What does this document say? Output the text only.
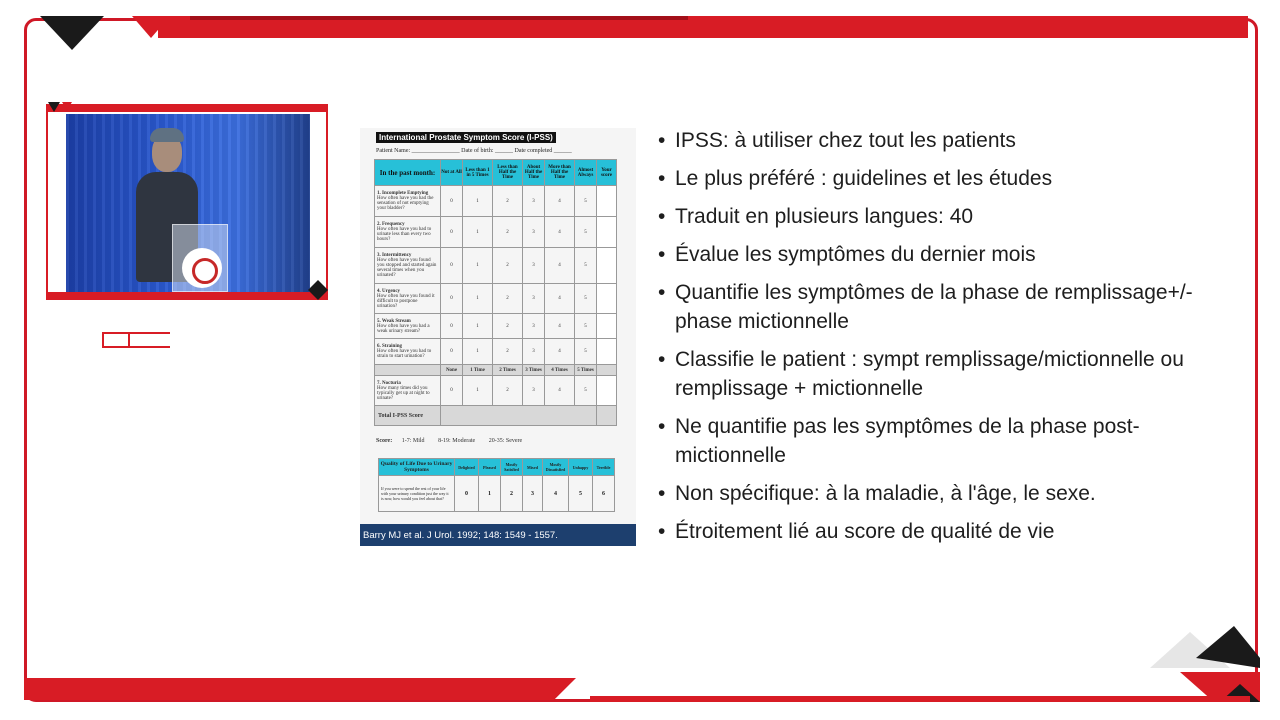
International Prostate Symptom Score (I-PSS)
Patient Name: ________________ Date of birth: ______ Date completed ______
In the past month:	Not at All	Less than 1 in 5 Times	Less than Half the Time	About Half the Time	More than Half the Time	Almost Always	Your score

1. Incomplete Emptying
How often have you had the sensation of not emptying your bladder?	0	1	2	3	4	5	

2. Frequency
How often have you had to urinate less than every two hours?	0	1	2	3	4	5	

3. Intermittency
How often have you found you stopped and started again several times when you urinated?	0	1	2	3	4	5	

4. Urgency
How often have you found it difficult to postpone urination?	0	1	2	3	4	5	

5. Weak Stream
How often have you had a weak urinary stream?	0	1	2	3	4	5	

6. Straining
How often have you had to strain to start urination?	0	1	2	3	4	5	
	None	1 Time	2 Times	3 Times	4 Times	5 Times	

7. Nocturia
How many times did you typically get up at night to urinate?	0	1	2	3	4	5	
Total I-PSS Score							
Score: 1-7: Mild 8-19: Moderate 20-35: Severe
Quality of Life Due to Urinary Symptoms	Delighted	Pleased	Mostly Satisfied	Mixed	Mostly Dissatisfied	Unhappy	Terrible
If you were to spend the rest of your life with your urinary condition just the way it is now, how would you feel about that?	0	1	2	3	4	5	6
Barry MJ et al. J Urol. 1992; 148: 1549 - 1557.
• IPSS: à utiliser chez tout les patients
• Le plus préféré : guidelines et les études
• Traduit en plusieurs langues: 40
• Évalue les symptômes du dernier mois
• Quantifie les symptômes de la phase de remplissage+/- phase mictionnelle
• Classifie le patient : sympt remplissage/mictionnelle ou remplissage + mictionnelle
• Ne quantifie pas les symptômes de la phase post-mictionnelle
• Non spécifique: à la maladie, à l'âge, le sexe.
• Étroitement lié au score de qualité de vie
